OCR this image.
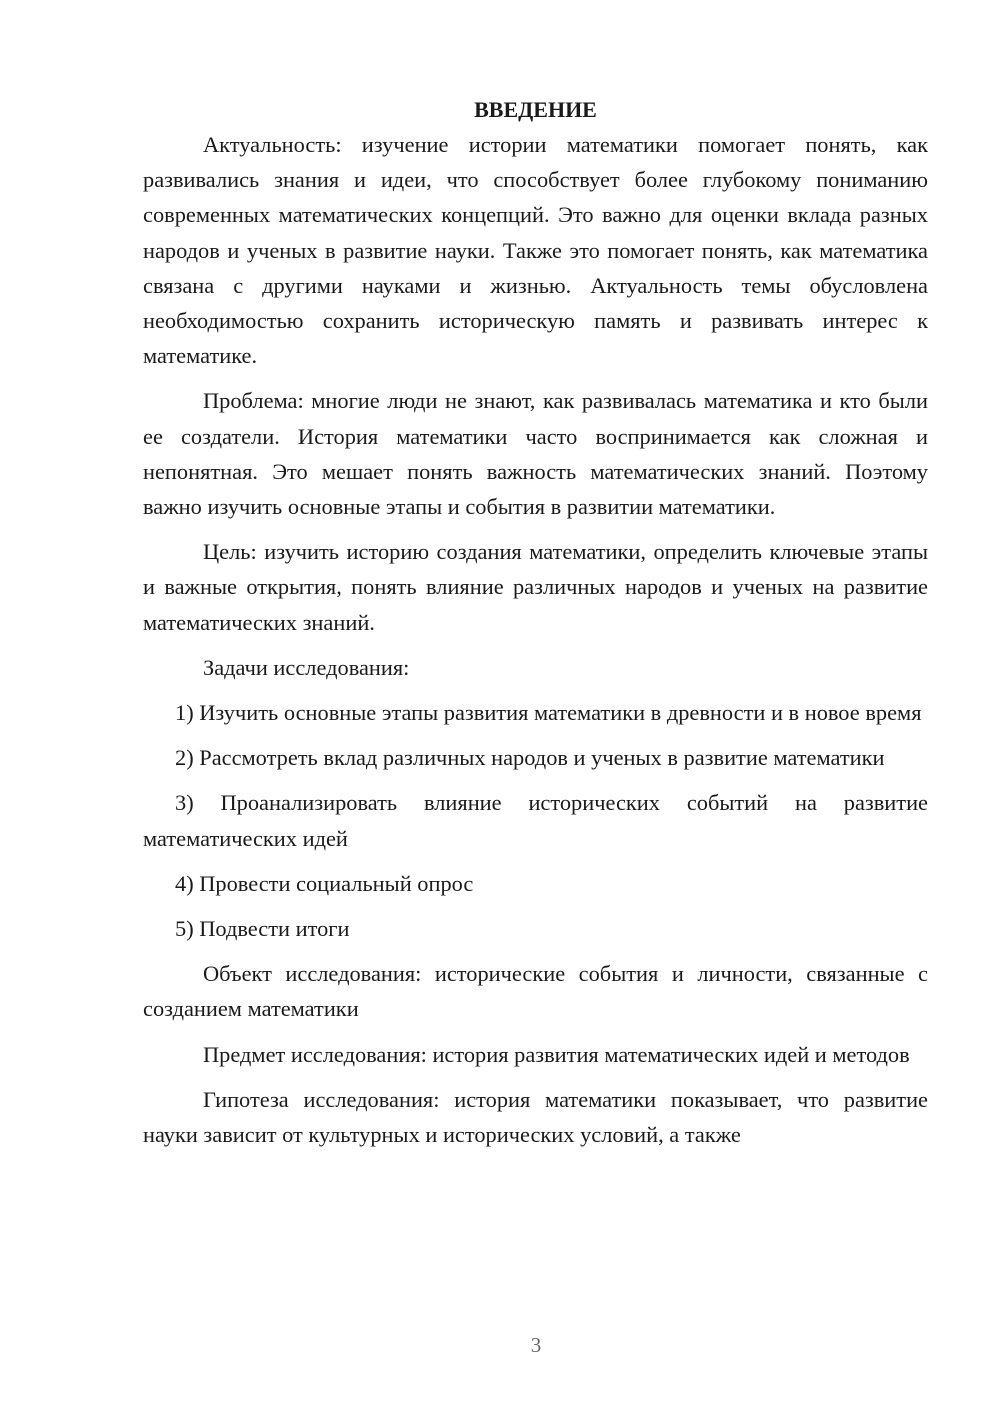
ВВЕДЕНИЕ

Актуальность: изучение истории математики помогает понять, как развивались знания и идеи, что способствует более глубокому пониманию современных математических концепций. Это важно для оценки вклада разных народов и ученых в развитие науки. Также это помогает понять, как математика связана с другими науками и жизнью. Актуальность темы обусловлена необходимостью сохранить историческую память и развивать интерес к математике.

Проблема: многие люди не знают, как развивалась математика и кто были ее создатели. История математики часто воспринимается как сложная и непонятная. Это мешает понять важность математических знаний. Поэтому важно изучить основные этапы и события в развитии математики.

Цель: изучить историю создания математики, определить ключевые этапы и важные открытия, понять влияние различных народов и ученых на развитие математических знаний.

Задачи исследования:

1) Изучить основные этапы развития математики в древности и в новое время

2) Рассмотреть вклад различных народов и ученых в развитие математики

3) Проанализировать влияние исторических событий на развитие математических идей

4) Провести социальный опрос

5) Подвести итоги

Объект исследования: исторические события и личности, связанные с созданием математики

Предмет исследования: история развития математических идей и методов

Гипотеза исследования: история математики показывает, что развитие науки зависит от культурных и исторических условий, а также

3
